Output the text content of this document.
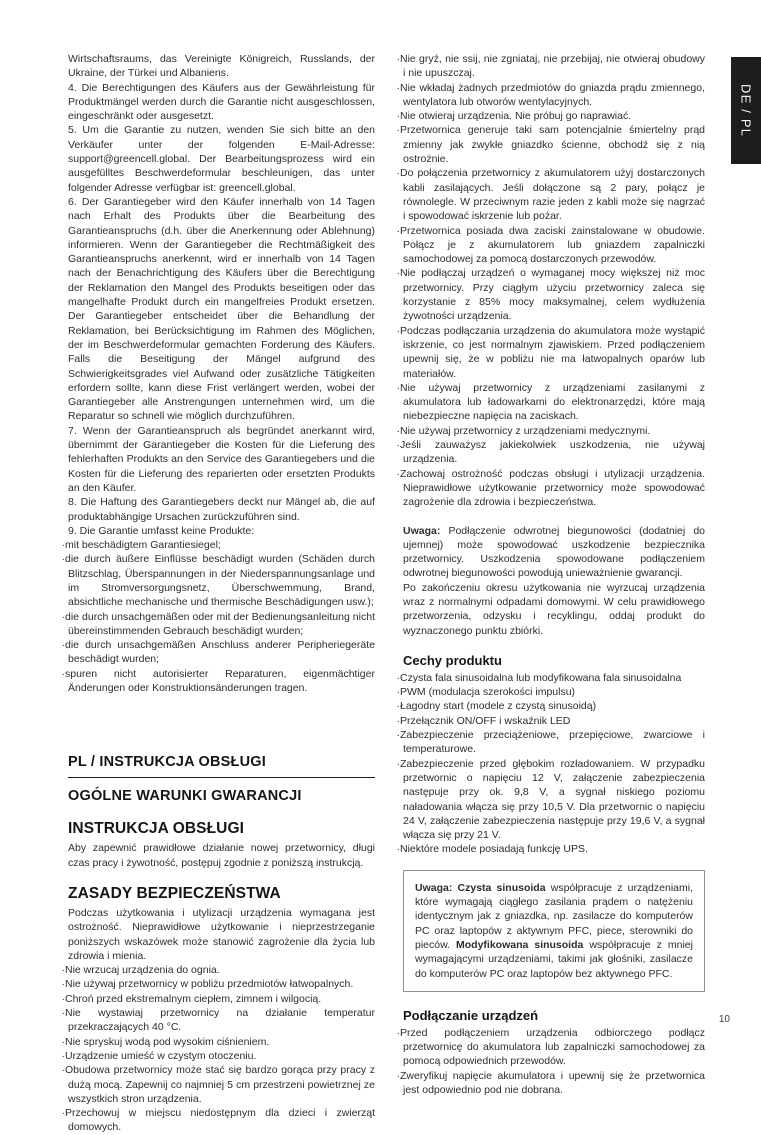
Wirtschaftsraums, das Vereinigte Königreich, Russlands, der Ukraine, der Türkei und Albaniens.
4. Die Berechtigungen des Käufers aus der Gewährleistung für Produktmängel werden durch die Garantie nicht ausgeschlossen, eingeschränkt oder ausgesetzt.
5. Um die Garantie zu nutzen, wenden Sie sich bitte an den Verkäufer unter der folgenden E-Mail-Adresse: support@greencell.global. Der Bearbeitungsprozess wird ein ausgefülltes Beschwerdeformular beschleunigen, das unter folgender Adresse verfügbar ist: greencell.global.
6. Der Garantiegeber wird den Käufer innerhalb von 14 Tagen nach Erhalt des Produkts über die Bearbeitung des Garantieanspruchs (d.h. über die Anerkennung oder Ablehnung) informieren. Wenn der Garantiegeber die Rechtmäßigkeit des Garantieanspruchs anerkennt, wird er innerhalb von 14 Tagen nach der Benachrichtigung des Käufers über die Berechtigung der Reklamation den Mangel des Produkts beseitigen oder das mangelhafte Produkt durch ein mangelfreies Produkt ersetzen. Der Garantiegeber entscheidet über die Behandlung der Reklamation, bei Berücksichtigung im Rahmen des Möglichen, der im Beschwerdeformular gemachten Forderung des Käufers. Falls die Beseitigung der Mängel aufgrund des Schwierigkeitsgrades viel Aufwand oder zusätzliche Tätigkeiten erfordern sollte, kann diese Frist verlängert werden, wobei der Garantiegeber alle Anstrengungen unternehmen wird, um die Reparatur so schnell wie möglich durchzuführen.
7. Wenn der Garantieanspruch als begründet anerkannt wird, übernimmt der Garantiegeber die Kosten für die Lieferung des fehlerhaften Produkts an den Service des Garantiegebers und die Kosten für die Lieferung des reparierten oder ersetzten Produkts an den Käufer.
8. Die Haftung des Garantiegebers deckt nur Mängel ab, die auf produktabhängige Ursachen zurückzuführen sind.
9. Die Garantie umfasst keine Produkte:
· mit beschädigtem Garantiesiegel;
· die durch äußere Einflüsse beschädigt wurden (Schäden durch Blitzschlag, Überspannungen in der Niederspannungsanlage und im Stromversorgungsnetz, Überschwemmung, Brand, absichtliche mechanische und thermische Beschädigungen usw.);
· die durch unsachgemäßen oder mit der Bedienungsanleitung nicht übereinstimmenden Gebrauch beschädigt wurden;
· die durch unsachgemäßen Anschluss anderer Peripheriegeräte beschädigt wurden;
· spuren nicht autorisierter Reparaturen, eigenmächtiger Änderungen oder Konstruktionsänderungen tragen.
PL / INSTRUKCJA OBSŁUGI
OGÓLNE WARUNKI GWARANCJI
INSTRUKCJA OBSŁUGI
Aby zapewnić prawidłowe działanie nowej przetwornicy, długi czas pracy i żywotność, postępuj zgodnie z poniższą instrukcją.
ZASADY BEZPIECZEŃSTWA
Podczas użytkowania i utylizacji urządzenia wymagana jest ostrożność. Nieprawidłowe użytkowanie i nieprzestrzeganie poniższych wskazówek może stanowić zagrożenie dla życia lub zdrowia i mienia.
· Nie wrzucaj urządzenia do ognia.
· Nie używaj przetwornicy w pobliżu przedmiotów łatwopalnych.
· Chroń przed ekstremalnym ciepłem, zimnem i wilgocią.
· Nie wystawiaj przetwornicy na działanie temperatur przekraczających 40 °C.
· Nie spryskuj wodą pod wysokim ciśnieniem.
· Urządzenie umieść w czystym otoczeniu.
· Obudowa przetwornicy może stać się bardzo gorąca przy pracy z dużą mocą. Zapewnij co najmniej 5 cm przestrzeni powietrznej ze wszystkich stron urządzenia.
· Przechowuj w miejscu niedostępnym dla dzieci i zwierząt domowych.
· Nie gryź, nie ssij, nie zgniataj, nie przebijaj, nie otwieraj obudowy i nie upuszczaj.
· Nie wkładaj żadnych przedmiotów do gniazda prądu zmiennego, wentylatora lub otworów wentylacyjnych.
· Nie otwieraj urządzenia. Nie próbuj go naprawiać.
· Przetwornica generuje taki sam potencjalnie śmiertelny prąd zmienny jak zwykłe gniazdko ścienne, obchodź się z nią ostrożnie.
· Do połączenia przetwornicy z akumulatorem użyj dostarczonych kabli zasilających. Jeśli dołączone są 2 pary, połącz je równolegle. W przeciwnym razie jeden z kabli może się nagrzać i spowodować iskrzenie lub pożar.
· Przetwornica posiada dwa zaciski zainstalowane w obudowie. Połącz je z akumulatorem lub gniazdem zapalniczki samochodowej za pomocą dostarczonych przewodów.
· Nie podłączaj urządzeń o wymaganej mocy większej niż moc przetwornicy. Przy ciągłym użyciu przetwornicy zaleca się korzystanie z 85% mocy maksymalnej, celem wydłużenia żywotności urządzenia.
· Podczas podłączania urządzenia do akumulatora może wystąpić iskrzenie, co jest normalnym zjawiskiem. Przed podłączeniem upewnij się, że w pobliżu nie ma łatwopalnych oparów lub materiałów.
· Nie używaj przetwornicy z urządzeniami zasilanymi z akumulatora lub ładowarkami do elektronarzędzi, które mają niebezpieczne napięcia na zaciskach.
· Nie używaj przetwornicy z urządzeniami medycznymi.
· Jeśli zauważysz jakiekolwiek uszkodzenia, nie używaj urządzenia.
· Zachowaj ostrożność podczas obsługi i utylizacji urządzenia. Nieprawidłowe użytkowanie przetwornicy może spowodować zagrożenie dla zdrowia i bezpieczeństwa.
Uwaga: Podłączenie odwrotnej biegunowości (dodatniej do ujemnej) może spowodować uszkodzenie bezpiecznika przetwornicy. Uszkodzenia spowodowane podłączeniem odwrotnej biegunowości powodują unieważnienie gwarancji.
Po zakończeniu okresu użytkowania nie wyrzucaj urządzenia wraz z normalnymi odpadami domowymi. W celu prawidłowego przetworzenia, odzysku i recyklingu, oddaj produkt do wyznaczonego punktu zbiórki.
Cechy produktu
· Czysta fala sinusoidalna lub modyfikowana fala sinusoidalna
· PWM (modulacja szerokości impulsu)
· Łagodny start (modele z czystą sinusoidą)
· Przełącznik ON/OFF i wskaźnik LED
· Zabezpieczenie przeciążeniowe, przepięciowe, zwarciowe i temperaturowe.
· Zabezpieczenie przed głębokim rozładowaniem. W przypadku przetwornic o napięciu 12 V, załączenie zabezpieczenia następuje przy ok. 9,8 V, a sygnał niskiego poziomu naładowania włącza się przy 10,5 V. Dla przetwornic o napięciu 24 V, załączenie zabezpieczenia następuje przy 19,6 V, a sygnał włącza się przy 21 V.
· Niektóre modele posiadają funkcję UPS.
Uwaga: Czysta sinusoida współpracuje z urządzeniami, które wymagają ciągłego zasilania prądem o natężeniu identycznym jak z gniazdka, np. zasilacze do komputerów PC oraz laptopów z aktywnym PFC, piece, sterowniki do pieców. Modyfikowana sinusoida współpracuje z mniej wymagającymi urządzeniami, takimi jak głośniki, zasilacze do komputerów PC oraz laptopów bez aktywnego PFC.
Podłączanie urządzeń
· Przed podłączeniem urządzenia odbiorczego podłącz przetwornicę do akumulatora lub zapalniczki samochodowej za pomocą odpowiednich przewodów.
· Zweryfikuj napięcie akumulatora i upewnij się że przetwornica jest odpowiednio pod nie dobrana.
DE / PL
10
